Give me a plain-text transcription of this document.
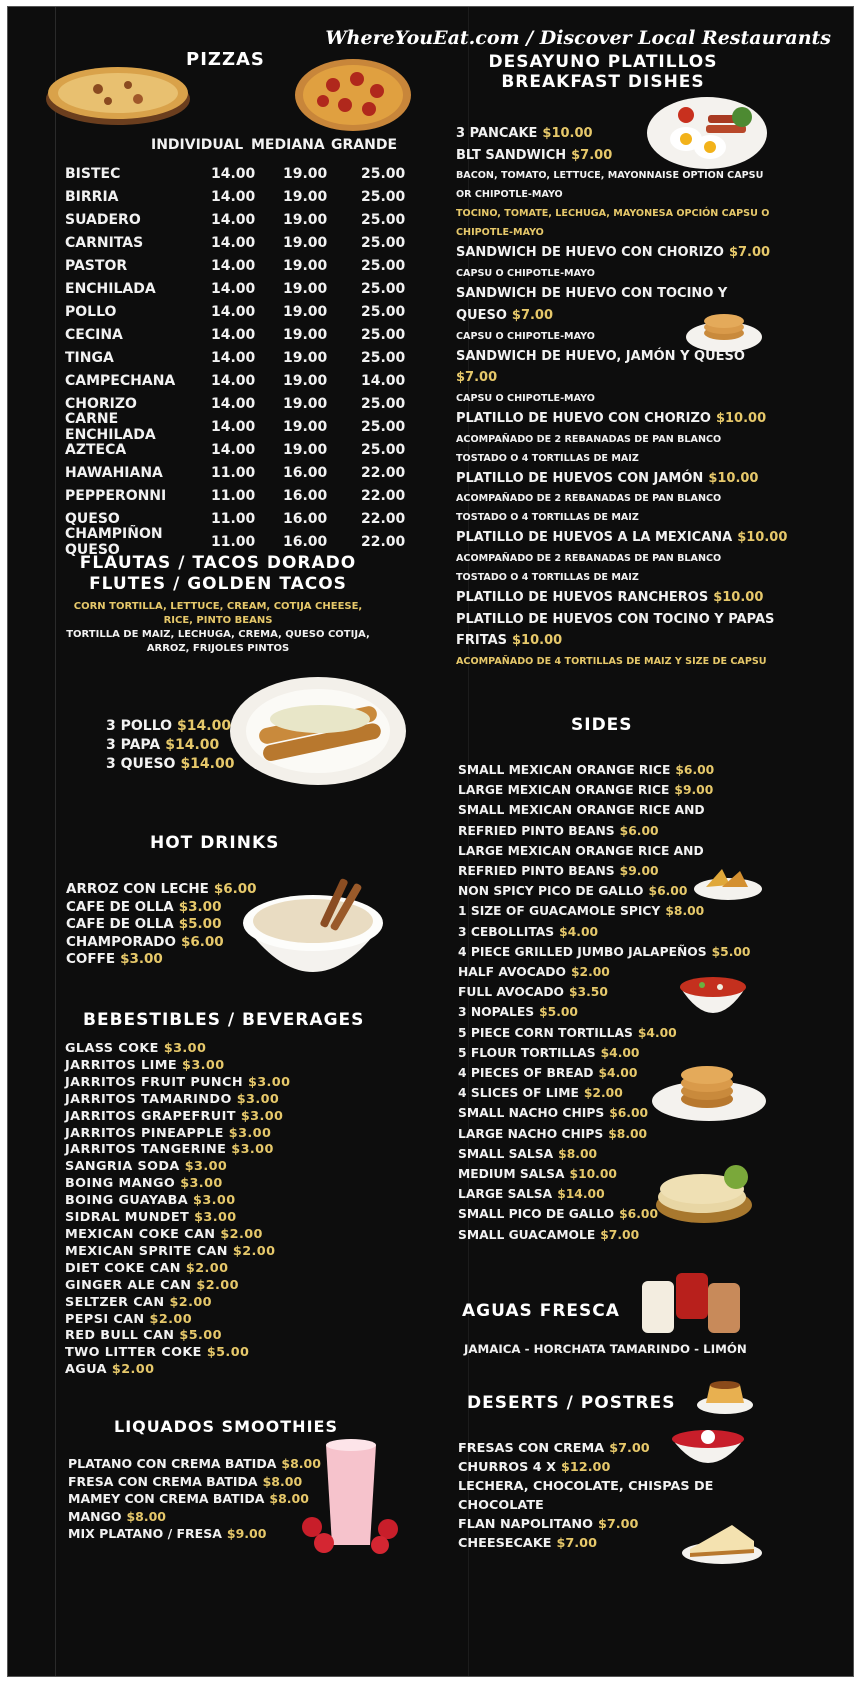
WhereYouEat.com / Discover Local Restaurants
PIZZAS
INDIVIDUAL MEDIANA GRANDE
BISTEC	14.00	19.00	25.00
BIRRIA	14.00	19.00	25.00
SUADERO	14.00	19.00	25.00
CARNITAS	14.00	19.00	25.00
PASTOR	14.00	19.00	25.00
ENCHILADA	14.00	19.00	25.00
POLLO	14.00	19.00	25.00
CECINA	14.00	19.00	25.00
TINGA	14.00	19.00	25.00
CAMPECHANA	14.00	19.00	14.00
CHORIZO	14.00	19.00	25.00
CARNE ENCHILADA	14.00	19.00	25.00
AZTECA	14.00	19.00	25.00
HAWAHIANA	11.00	16.00	22.00
PEPPERONNI	11.00	16.00	22.00
QUESO	11.00	16.00	22.00
CHAMPIÑON QUESO	11.00	16.00	22.00
FLAUTAS / TACOS DORADO
FLUTES / GOLDEN TACOS
CORN TORTILLA, LETTUCE, CREAM, COTIJA CHEESE,
RICE, PINTO BEANS
TORTILLA DE MAIZ, LECHUGA, CREMA, QUESO COTIJA,
ARROZ, FRIJOLES PINTOS
3 POLLO $14.00
3 PAPA $14.00
3 QUESO $14.00
HOT DRINKS
ARROZ CON LECHE $6.00
CAFE DE OLLA $3.00
CAFE DE OLLA $5.00
CHAMPORADO $6.00
COFFE $3.00
BEBESTIBLES / BEVERAGES
GLASS COKE $3.00
JARRITOS LIME $3.00
JARRITOS FRUIT PUNCH $3.00
JARRITOS TAMARINDO $3.00
JARRITOS GRAPEFRUIT $3.00
JARRITOS PINEAPPLE $3.00
JARRITOS TANGERINE $3.00
SANGRIA SODA $3.00
BOING MANGO $3.00
BOING GUAYABA $3.00
SIDRAL MUNDET $3.00
MEXICAN COKE CAN $2.00
MEXICAN SPRITE CAN $2.00
DIET COKE CAN $2.00
GINGER ALE CAN $2.00
SELTZER CAN $2.00
PEPSI CAN $2.00
RED BULL CAN $5.00
TWO LITTER COKE $5.00
AGUA $2.00
LIQUADOS SMOOTHIES
PLATANO CON CREMA BATIDA $8.00
FRESA CON CREMA BATIDA $8.00
MAMEY CON CREMA BATIDA $8.00
MANGO $8.00
MIX PLATANO / FRESA $9.00
DESAYUNO PLATILLOS
BREAKFAST DISHES
3 PANCAKE $10.00
BLT SANDWICH $7.00
BACON, TOMATO, LETTUCE, MAYONNAISE OPTION CAPSU
OR CHIPOTLE-MAYO
TOCINO, TOMATE, LECHUGA, MAYONESA OPCIÓN CAPSU O
CHIPOTLE-MAYO
SANDWICH DE HUEVO CON CHORIZO $7.00
CAPSU O CHIPOTLE-MAYO
SANDWICH DE HUEVO CON TOCINO Y
QUESO $7.00
CAPSU O CHIPOTLE-MAYO
SANDWICH DE HUEVO, JAMÓN Y QUESO
$7.00
CAPSU O CHIPOTLE-MAYO
PLATILLO DE HUEVO CON CHORIZO $10.00
ACOMPAÑADO DE 2 REBANADAS DE PAN BLANCO
TOSTADO O 4 TORTILLAS DE MAIZ
PLATILLO DE HUEVOS CON JAMÓN $10.00
ACOMPAÑADO DE 2 REBANADAS DE PAN BLANCO
TOSTADO O 4 TORTILLAS DE MAIZ
PLATILLO DE HUEVOS A LA MEXICANA $10.00
ACOMPAÑADO DE 2 REBANADAS DE PAN BLANCO
TOSTADO O 4 TORTILLAS DE MAIZ
PLATILLO DE HUEVOS RANCHEROS $10.00
PLATILLO DE HUEVOS CON TOCINO Y PAPAS
FRITAS $10.00
ACOMPAÑADO DE 4 TORTILLAS DE MAIZ Y SIZE DE CAPSU
SIDES
SMALL MEXICAN ORANGE RICE $6.00
LARGE MEXICAN ORANGE RICE $9.00
SMALL MEXICAN ORANGE RICE AND
REFRIED PINTO BEANS $6.00
LARGE MEXICAN ORANGE RICE AND
REFRIED PINTO BEANS $9.00
NON SPICY PICO DE GALLO $6.00
1 SIZE OF GUACAMOLE SPICY $8.00
3 CEBOLLITAS $4.00
4 PIECE GRILLED JUMBO JALAPEÑOS $5.00
HALF AVOCADO $2.00
FULL AVOCADO $3.50
3 NOPALES $5.00
5 PIECE CORN TORTILLAS $4.00
5 FLOUR TORTILLAS $4.00
4 PIECES OF BREAD $4.00
4 SLICES OF LIME $2.00
SMALL NACHO CHIPS $6.00
LARGE NACHO CHIPS $8.00
SMALL SALSA $8.00
MEDIUM SALSA $10.00
LARGE SALSA $14.00
SMALL PICO DE GALLO $6.00
SMALL GUACAMOLE $7.00
AGUAS FRESCA
JAMAICA - HORCHATA TAMARINDO - LIMÓN
DESERTS / POSTRES
FRESAS CON CREMA $7.00
CHURROS 4 X $12.00
LECHERA, CHOCOLATE, CHISPAS DE
CHOCOLATE
FLAN NAPOLITANO $7.00
CHEESECAKE $7.00
